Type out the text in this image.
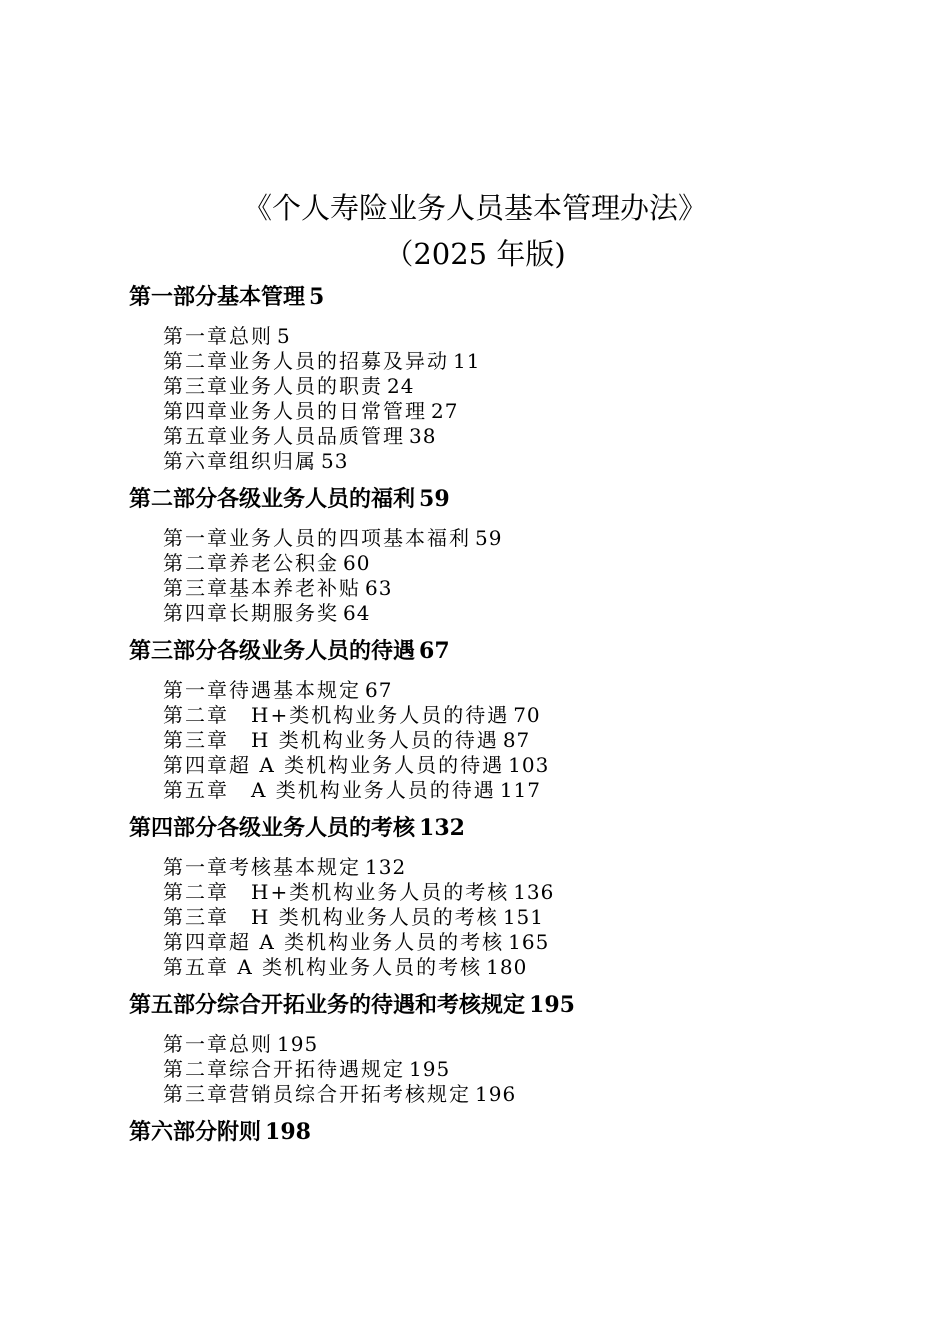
《个人寿险业务人员基本管理办法》
（2025 年版)
第一部分基本管理 5
第一章总则 5
第二章业务人员的招募及异动 11
第三章业务人员的职责 24
第四章业务人员的日常管理 27
第五章业务人员品质管理 38
第六章组织归属 53
第二部分各级业务人员的福利 59
第一章业务人员的四项基本福利 59
第二章养老公积金 60
第三章基本养老补贴 63
第四章长期服务奖 64
第三部分各级业务人员的待遇 67
第一章待遇基本规定 67
第二章　H+类机构业务人员的待遇 70
第三章　H 类机构业务人员的待遇 87
第四章超 A 类机构业务人员的待遇 103
第五章　A 类机构业务人员的待遇 117
第四部分各级业务人员的考核 132
第一章考核基本规定 132
第二章　H+类机构业务人员的考核 136
第三章　H 类机构业务人员的考核 151
第四章超 A 类机构业务人员的考核 165
第五章 A 类机构业务人员的考核 180
第五部分综合开拓业务的待遇和考核规定 195
第一章总则 195
第二章综合开拓待遇规定 195
第三章营销员综合开拓考核规定 196
第六部分附则 198
